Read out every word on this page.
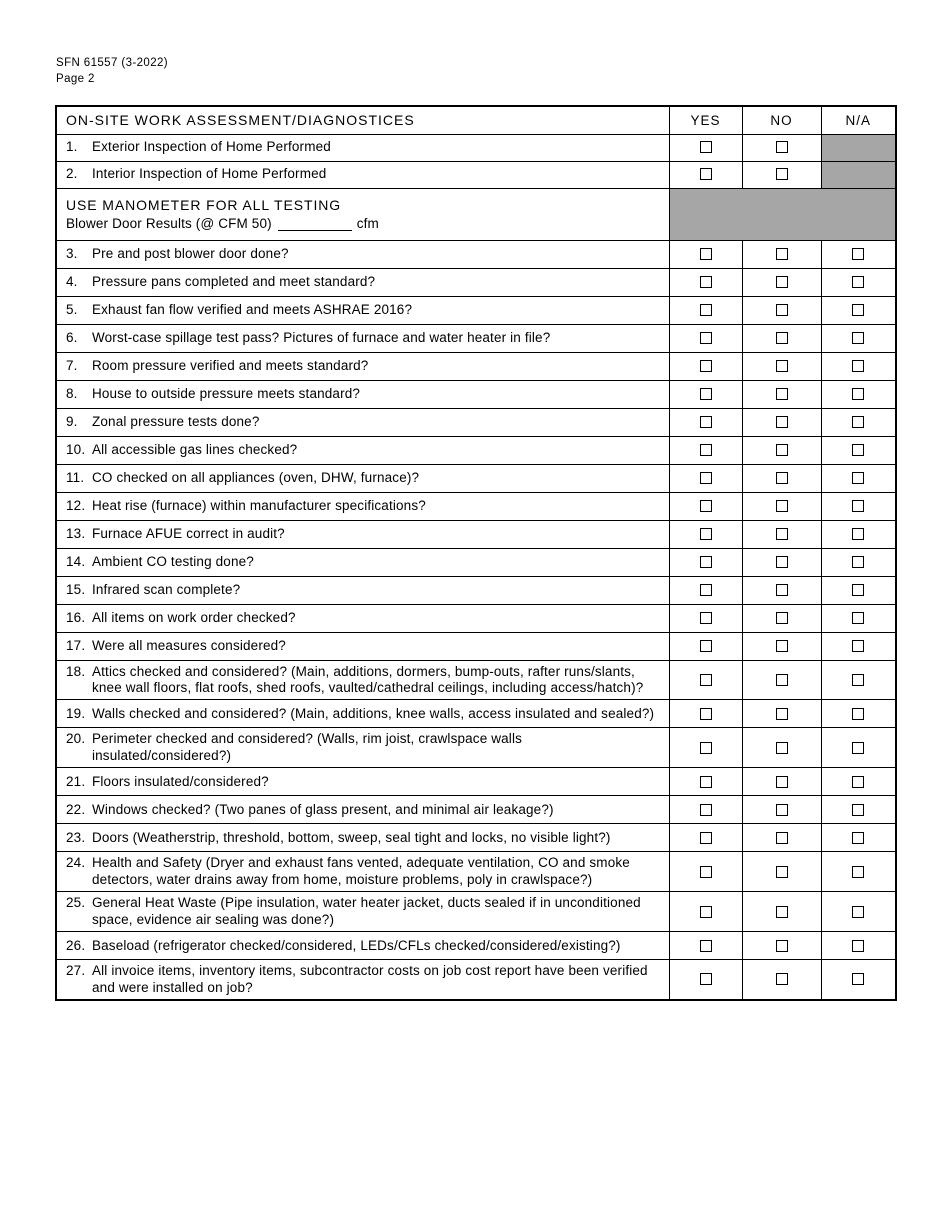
SFN 61557 (3-2022)
Page 2
ON-SITE WORK ASSESSMENT/DIAGNOSTICES	YES	NO	N/A

1. Exterior Inspection of Home Performed			

2. Interior Inspection of Home Performed			

USE MANOMETER FOR ALL TESTING
Blower Door Results (@ CFM 50) cfm			

3. Pre and post blower door done?			

4. Pressure pans completed and meet standard?			

5. Exhaust fan flow verified and meets ASHRAE 2016?			

6. Worst-case spillage test pass? Pictures of furnace and water heater in file?			

7. Room pressure verified and meets standard?			

8. House to outside pressure meets standard?			

9. Zonal pressure tests done?			

10. All accessible gas lines checked?			

11. CO checked on all appliances (oven, DHW, furnace)?			

12. Heat rise (furnace) within manufacturer specifications?			

13. Furnace AFUE correct in audit?			

14. Ambient CO testing done?			

15. Infrared scan complete?			

16. All items on work order checked?			

17. Were all measures considered?			

18. Attics checked and considered? (Main, additions, dormers, bump-outs, rafter runs/slants, knee wall floors, flat roofs, shed roofs, vaulted/cathedral ceilings, including access/hatch)?			

19. Walls checked and considered? (Main, additions, knee walls, access insulated and sealed?)			

20. Perimeter checked and considered? (Walls, rim joist, crawlspace walls insulated/considered?)			

21. Floors insulated/considered?			

22. Windows checked? (Two panes of glass present, and minimal air leakage?)			

23. Doors (Weatherstrip, threshold, bottom, sweep, seal tight and locks, no visible light?)			

24. Health and Safety (Dryer and exhaust fans vented, adequate ventilation, CO and smoke detectors, water drains away from home, moisture problems, poly in crawlspace?)			

25. General Heat Waste (Pipe insulation, water heater jacket, ducts sealed if in unconditioned space, evidence air sealing was done?)			

26. Baseload (refrigerator checked/considered, LEDs/CFLs checked/considered/existing?)			

27. All invoice items, inventory items, subcontractor costs on job cost report have been verified and were installed on job?			
